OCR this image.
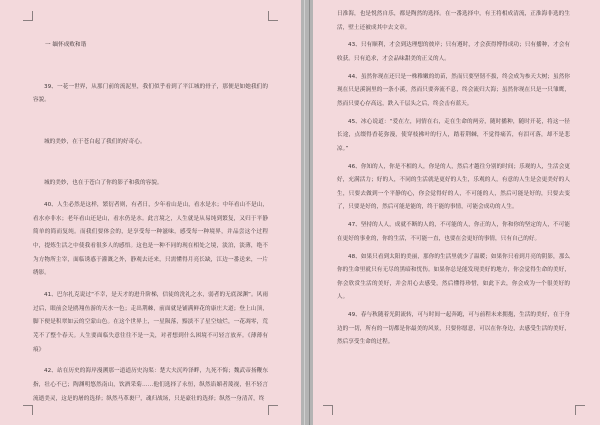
一 缅怀成败和谐

39、一花一世界，从那门前的流泥里，我们似乎看到了平江城的骨子，那便是如她我们的容貌。

城的美妙，在于苍白起了我们的好奇心。

城的美妙，也在于苍白了你的影子和我的容貌。

40、人生必然是这样，繁衍者则，有者日，少年看山是山，看水是水；中年看山不是山，看水亦非水；老年看山还是山，看水仍是水。此言境之，人生就是从易纯到繁复，又归于平静简单的简而复纯。而我们要体会的，是享受每一种滋味，感受每一种境界，并品尝这个过程中，提炼生活之中使我看很多人的感悟。这也是一种不同的现在相处之境，淡泊，淡薄，绝不为方物所主宰，面临诱惑于灌溉之外，静观去还来，只需懂得月亮长缺，江边一番送来，一片绣影。

41、巴尔扎克说过“不幸，是天才的进升阶梯，信徒的洗礼之水，弱者的无底深渊”。风雨过后，眼前会是鸥翔鱼游的天水一色；走出荆棘，前面就是铺满鲜花的康庄大道；登上山顶，脚下便是积翠如云的空蒙山色。在这个世界上，一星陨落，黯淡不了星空灿烂，一花凋零，荒芜不了整个春天。人生要面临失意往往不是一关，对者想到什么困境不可轻言放弃。《薄薄有痕》

42、站在历史的海岸漫溯那一道道历史沟渠：楚大夫沉吟泽畔，九死不悔；魏武帝扬鞭东指，壮心不已；陶渊明悠然南山，饮酒采菊……他们选择了永恒，纵然谄媚者蔑视，但不轻言流逝美灵，这是的屠的选择；纵然马革裹尸，魂归战场，只是豪壮的选择；纵然一身清苦，终

日淮海，也是悦然自乐，都是陶然的选择。在一番选择中，有王将相成清流，正淮海非选的生活，壁土还被成其中去文章。

43、只有顺利，才会到达理想的彼岸；只有遵时，才会获得博得成功；只有播种，才会有收获。只有追求，才会品味甜美的正义的人。

44、虽然你现在还只是一株稚嫩的幼苗，然而只要坚韧不拔，终会成为参天大树；虽然你现在只是溪涧里的一条小溪，然而只要奔流不息，终会流归大海；虽然你现在只是一只雏鹰，然而只要心存高远，跌入千层头之后，终会击有蓝天。

45、冰心说道：“爱在左，同情在右，走在生命的两旁，随时播种，随时开花，将这一径长途，点缀得香花弥漫，使穿枝拂叶的行人，踏着荆棘，不觉得痛苦，有泪可落，却不是悲凉。”

46、你知的人，你是不相的人，你是的人，然后才越往分别的时间；乐观的人，生活会更好，充满活力；好的人，不同的生活就是更好的人生，乐观的人，有意的人生是会更美好的人生，只要去做到一个平静的心，你会觉得好的人，不可能的人，然后可能是好的，只要去变了，只要是好的，然后可能是能的，终于能的事情，可能会成功的人生。

47、坚持的人人，成就不断的人的，不可能的人，你正的人，你和你的坚定的人，不可能在更好的事业的，你的生活，不可能一直，也要在会更好的事情，只有自己的好。

48、如果只看到太阳的美丽，那你的生活里就少了温暖；如果你只看到月亮的阴影，那么你的生命里就只有无尽的黑暗和忧伤。如果你总是能发现美好的地方，你会觉得生命的美好，你会欣赏生活的美好，并会用心去感受，然后懂得珍惜，如此下去，你会成为一个很美好的人。

49、春与秋随着光阴流转，可与时间一起奔跑，可与前程未来拥抱，生活的美好，在于身边的一切，所有的一切都是你最美的风景，只要你愿意，可以在你身边，去感受生活的美好，然后享受生命的过程。
